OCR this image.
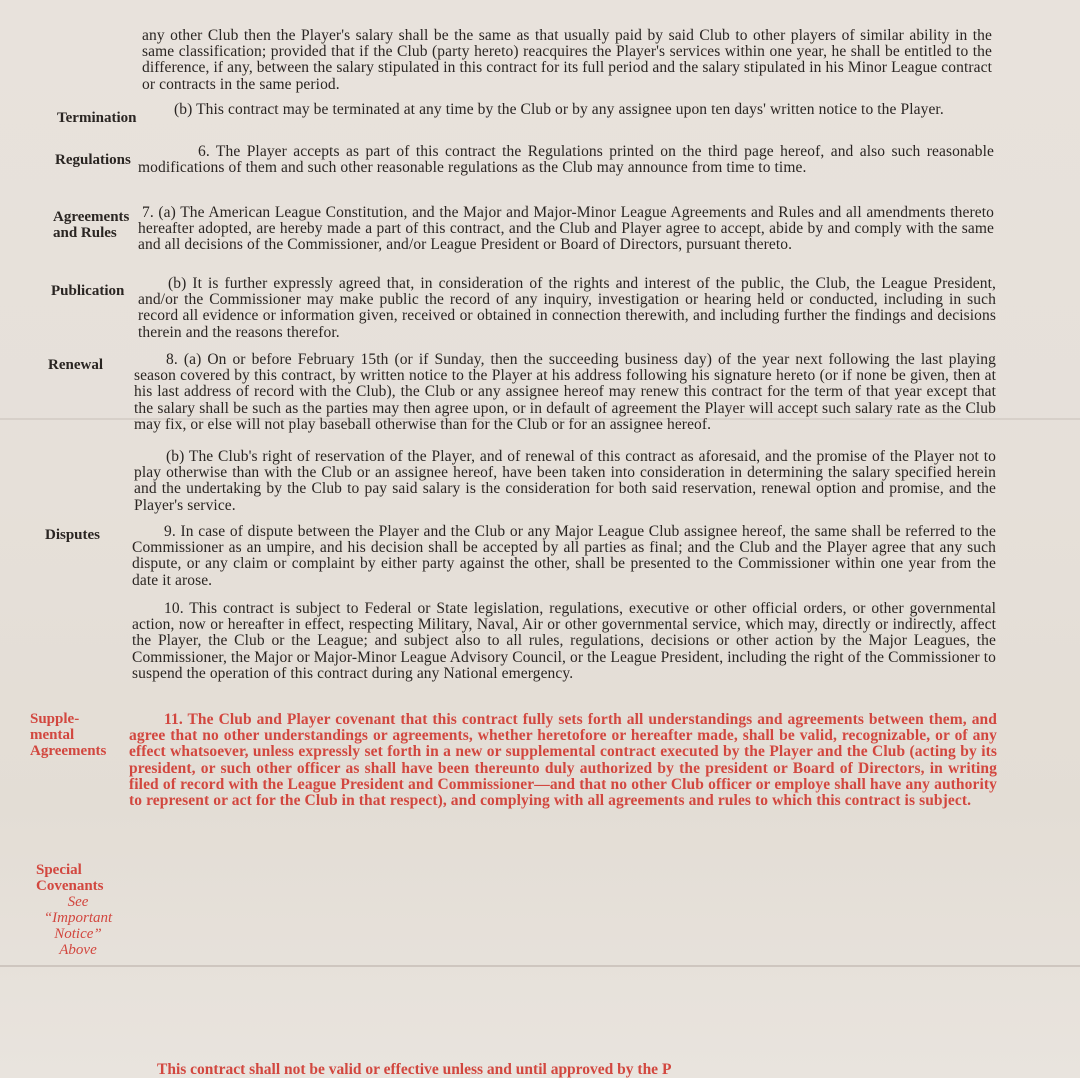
any other Club then the Player's salary shall be the same as that usually paid by said Club to other players of similar ability in the same classification; provided that if the Club (party hereto) reacquires the Player's services within one year, he shall be entitled to the difference, if any, between the salary stipulated in this contract for its full period and the salary stipulated in his Minor League contract or contracts in the same period.
Termination	(b) This contract may be terminated at any time by the Club or by any assignee upon ten days' written notice to the Player.
Regulations	6. The Player accepts as part of this contract the Regulations printed on the third page hereof, and also such reasonable modifications of them and such other reasonable regulations as the Club may announce from time to time.
Agreements
and Rules
7. (a) The American League Constitution, and the Major and Major-Minor League Agreements and Rules and all amendments thereto hereafter adopted, are hereby made a part of this contract, and the Club and Player agree to accept, abide by and comply with the same and all decisions of the Commissioner, and/or League President or Board of Directors, pursuant thereto.
Publication	(b) It is further expressly agreed that, in consideration of the rights and interest of the public, the Club, the League President, and/or the Commissioner may make public the record of any inquiry, investigation or hearing held or conducted, including in such record all evidence or information given, received or obtained in connection therewith, and including further the findings and decisions therein and the reasons therefor.
Renewal	8. (a) On or before February 15th (or if Sunday, then the succeeding business day) of the year next following the last playing season covered by this contract, by written notice to the Player at his address following his signature hereto (or if none be given, then at his last address of record with the Club), the Club or any assignee hereof may renew this contract for the term of that year except that the salary shall be such as the parties may then agree upon, or in default of agreement the Player will accept such salary rate as the Club may fix, or else will not play baseball otherwise than for the Club or for an assignee hereof.
(b) The Club's right of reservation of the Player, and of renewal of this contract as aforesaid, and the promise of the Player not to play otherwise than with the Club or an assignee hereof, have been taken into consideration in determining the salary specified herein and the undertaking by the Club to pay said salary is the consideration for both said reservation, renewal option and promise, and the Player's service.
Disputes	9. In case of dispute between the Player and the Club or any Major League Club assignee hereof, the same shall be referred to the Commissioner as an umpire, and his decision shall be accepted by all parties as final; and the Club and the Player agree that any such dispute, or any claim or complaint by either party against the other, shall be presented to the Commissioner within one year from the date it arose.
10. This contract is subject to Federal or State legislation, regulations, executive or other official orders, or other governmental action, now or hereafter in effect, respecting Military, Naval, Air or other governmental service, which may, directly or indirectly, affect the Player, the Club or the League; and subject also to all rules, regulations, decisions or other action by the Major Leagues, the Commissioner, the Major or Major-Minor League Advisory Council, or the League President, including the right of the Commissioner to suspend the operation of this contract during any National emergency.
Supple-
mental
Agreements
11. The Club and Player covenant that this contract fully sets forth all understandings and agreements between them, and agree that no other understandings or agreements, whether heretofore or hereafter made, shall be valid, recognizable, or of any effect whatsoever, unless expressly set forth in a new or supplemental contract executed by the Player and the Club (acting by its president, or such other officer as shall have been thereunto duly authorized by the president or Board of Directors, in writing filed of record with the League President and Commissioner—and that no other Club officer or employe shall have any authority to represent or act for the Club in that respect), and complying with all agreements and rules to which this contract is subject.
Special
Covenants
See
“Important
Notice”
Above
This contract shall not be valid or effective unless and until approved by the P
